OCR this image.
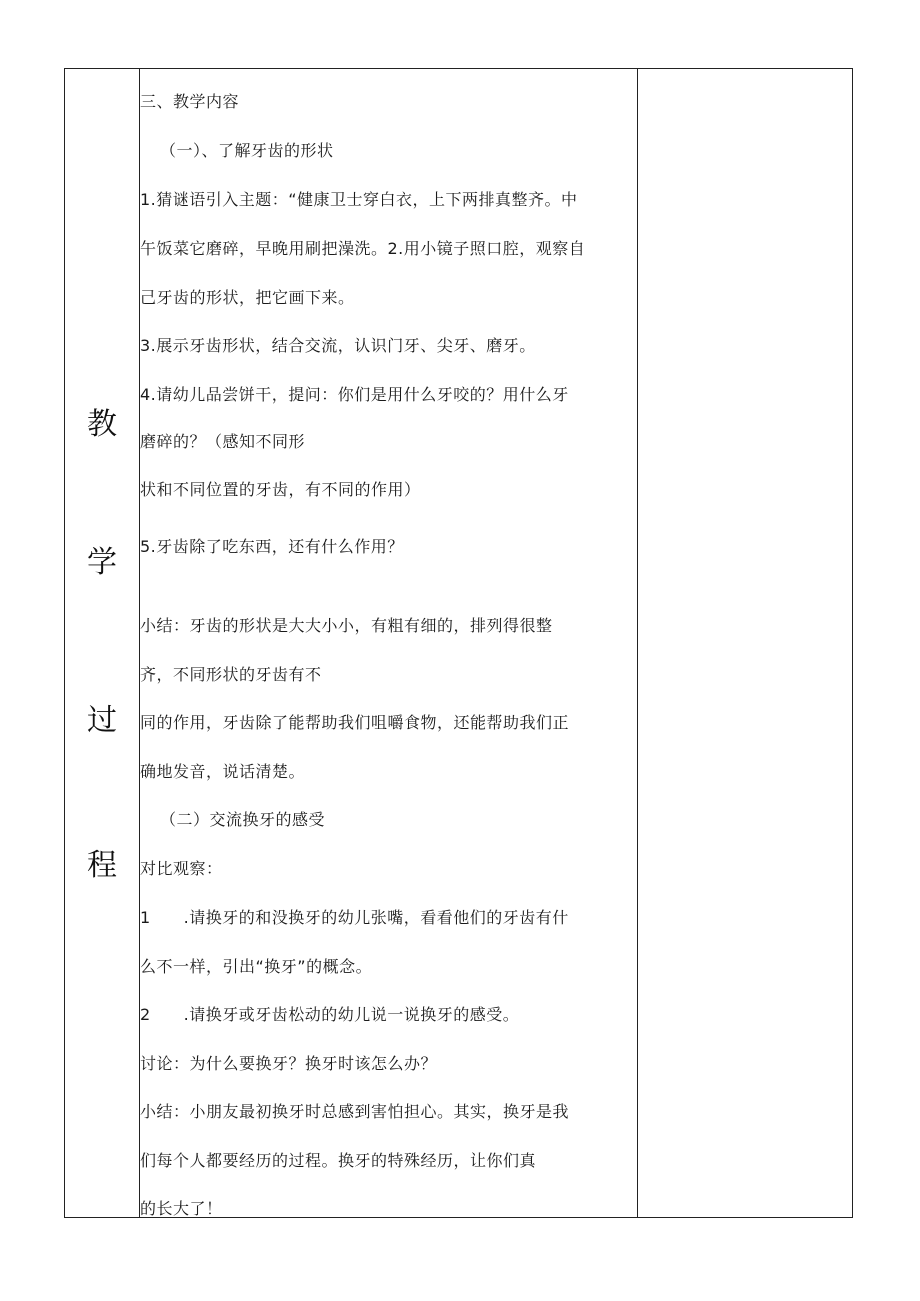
教
学
过
程
三、教学内容
（一）、了解牙齿的形状
1.猜谜语引入主题：“健康卫士穿白衣，上下两排真整齐。中
午饭菜它磨碎，早晚用刷把澡洗。2.用小镜子照口腔，观察自
己牙齿的形状，把它画下来。
3.展示牙齿形状，结合交流，认识门牙、尖牙、磨牙。
4.请幼儿品尝饼干，提问：你们是用什么牙咬的？用什么牙
磨碎的？（感知不同形
状和不同位置的牙齿，有不同的作用）
5.牙齿除了吃东西，还有什么作用？
小结：牙齿的形状是大大小小，有粗有细的，排列得很整
齐，不同形状的牙齿有不
同的作用，牙齿除了能帮助我们咀嚼食物，还能帮助我们正
确地发音，说话清楚。
（二）交流换牙的感受
对比观察：
1　　.请换牙的和没换牙的幼儿张嘴，看看他们的牙齿有什
么不一样，引出“换牙”的概念。
2　　.请换牙或牙齿松动的幼儿说一说换牙的感受。
讨论：为什么要换牙？换牙时该怎么办？
小结：小朋友最初换牙时总感到害怕担心。其实，换牙是我
们每个人都要经历的过程。换牙的特殊经历，让你们真
的长大了！
